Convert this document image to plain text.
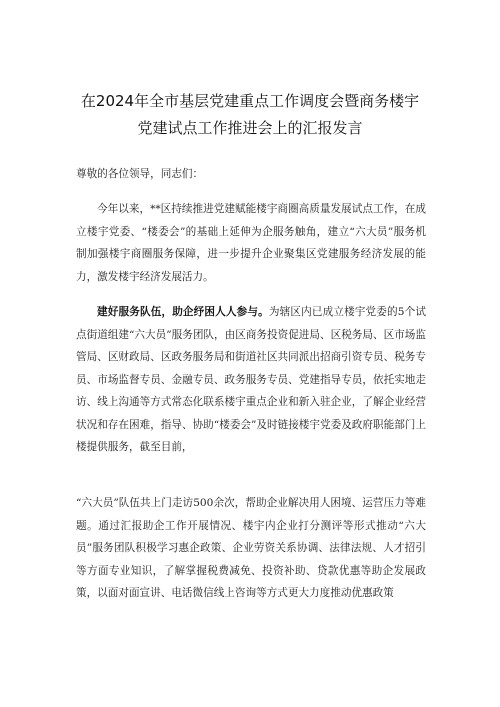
在2024年全市基层党建重点工作调度会暨商务楼宇
党建试点工作推进会上的汇报发言
尊敬的各位领导，同志们：
今年以来，**区持续推进党建赋能楼宇商圈高质量发展试点工作，在成立楼宇党委、“楼委会”的基础上延伸为企服务触角，建立“六大员”服务机制加强楼宇商圈服务保障，进一步提升企业聚集区党建服务经济发展的能力，激发楼宇经济发展活力。
建好服务队伍，助企纾困人人参与。为辖区内已成立楼宇党委的5个试点街道组建“六大员”服务团队，由区商务投资促进局、区税务局、区市场监管局、区财政局、区政务服务局和街道社区共同派出招商引资专员、税务专员、市场监督专员、金融专员、政务服务专员、党建指导专员，依托实地走访、线上沟通等方式常态化联系楼宇重点企业和新入驻企业，了解企业经营状况和存在困难，指导、协助“楼委会”及时链接楼宇党委及政府职能部门上楼提供服务，截至目前，
“六大员”队伍共上门走访500余次，帮助企业解决用人困境、运营压力等难题。通过汇报助企工作开展情况、楼宇内企业打分测评等形式推动“六大员”服务团队积极学习惠企政策、企业劳资关系协调、法律法规、人才招引等方面专业知识，了解掌握税费减免、投资补助、贷款优惠等助企发展政策，以面对面宣讲、电话微信线上咨询等方式更大力度推动优惠政策
